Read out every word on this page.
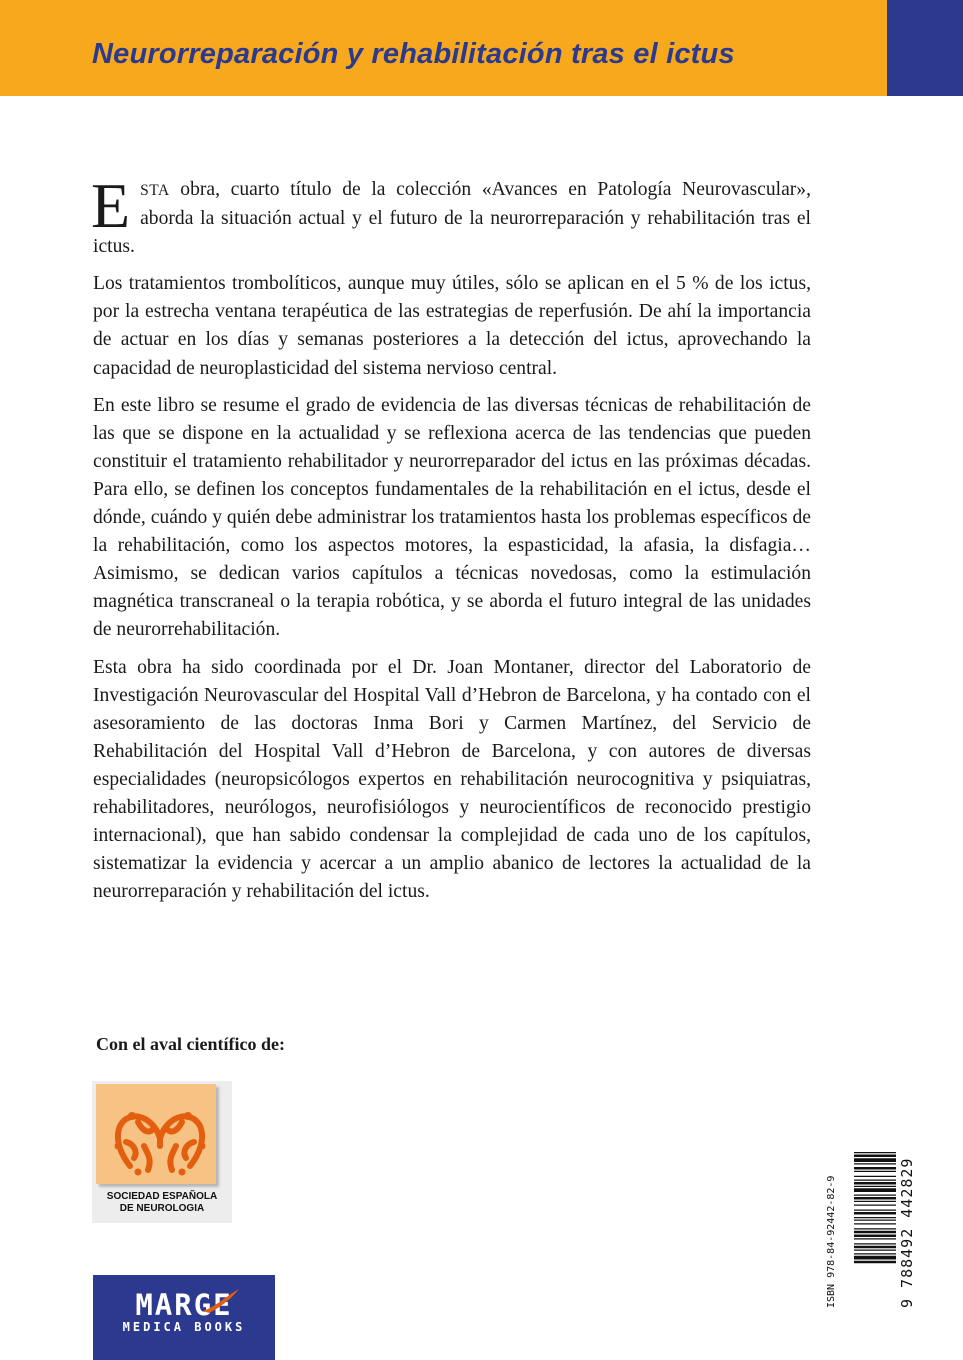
Neurorreparación y rehabilitación tras el ictus

ESTA obra, cuarto título de la colección «Avances en Patología Neurovascular», aborda la situación actual y el futuro de la neurorreparación y rehabilitación tras el ictus.

Los tratamientos trombolíticos, aunque muy útiles, sólo se aplican en el 5 % de los ictus, por la estrecha ventana terapéutica de las estrategias de reperfusión. De ahí la importancia de actuar en los días y semanas posteriores a la detección del ictus, aprovechando la capacidad de neuroplasticidad del sistema nervioso central.

En este libro se resume el grado de evidencia de las diversas técnicas de rehabilitación de las que se dispone en la actualidad y se reflexiona acerca de las tendencias que pueden constituir el tratamiento rehabilitador y neurorreparador del ictus en las próximas décadas. Para ello, se definen los conceptos fundamentales de la rehabilitación en el ictus, desde el dónde, cuándo y quién debe administrar los tratamientos hasta los problemas específicos de la rehabilitación, como los aspectos motores, la espasticidad, la afasia, la disfagia… Asimismo, se dedican varios capítulos a técnicas novedosas, como la estimulación magnética transcraneal o la terapia robótica, y se aborda el futuro integral de las unidades de neurorrehabilitación.

Esta obra ha sido coordinada por el Dr. Joan Montaner, director del Laboratorio de Investigación Neurovascular del Hospital Vall d’Hebron de Barcelona, y ha contado con el asesoramiento de las doctoras Inma Bori y Carmen Martínez, del Servicio de Rehabilitación del Hospital Vall d’Hebron de Barcelona, y con autores de diversas especialidades (neuropsicólogos expertos en rehabilitación neurocognitiva y psiquiatras, rehabilitadores, neurólogos, neurofisiólogos y neurocientíficos de reconocido prestigio internacional), que han sabido condensar la complejidad de cada uno de los capítulos, sistematizar la evidencia y acercar a un amplio abanico de lectores la actualidad de la neurorreparación y rehabilitación del ictus.

Con el aval científico de:

SOCIEDAD ESPAÑOLA
DE NEUROLOGIA
MARGE
MEDICA BOOKS
ISBN 978-84-92442-82-9	9 788492 442829
